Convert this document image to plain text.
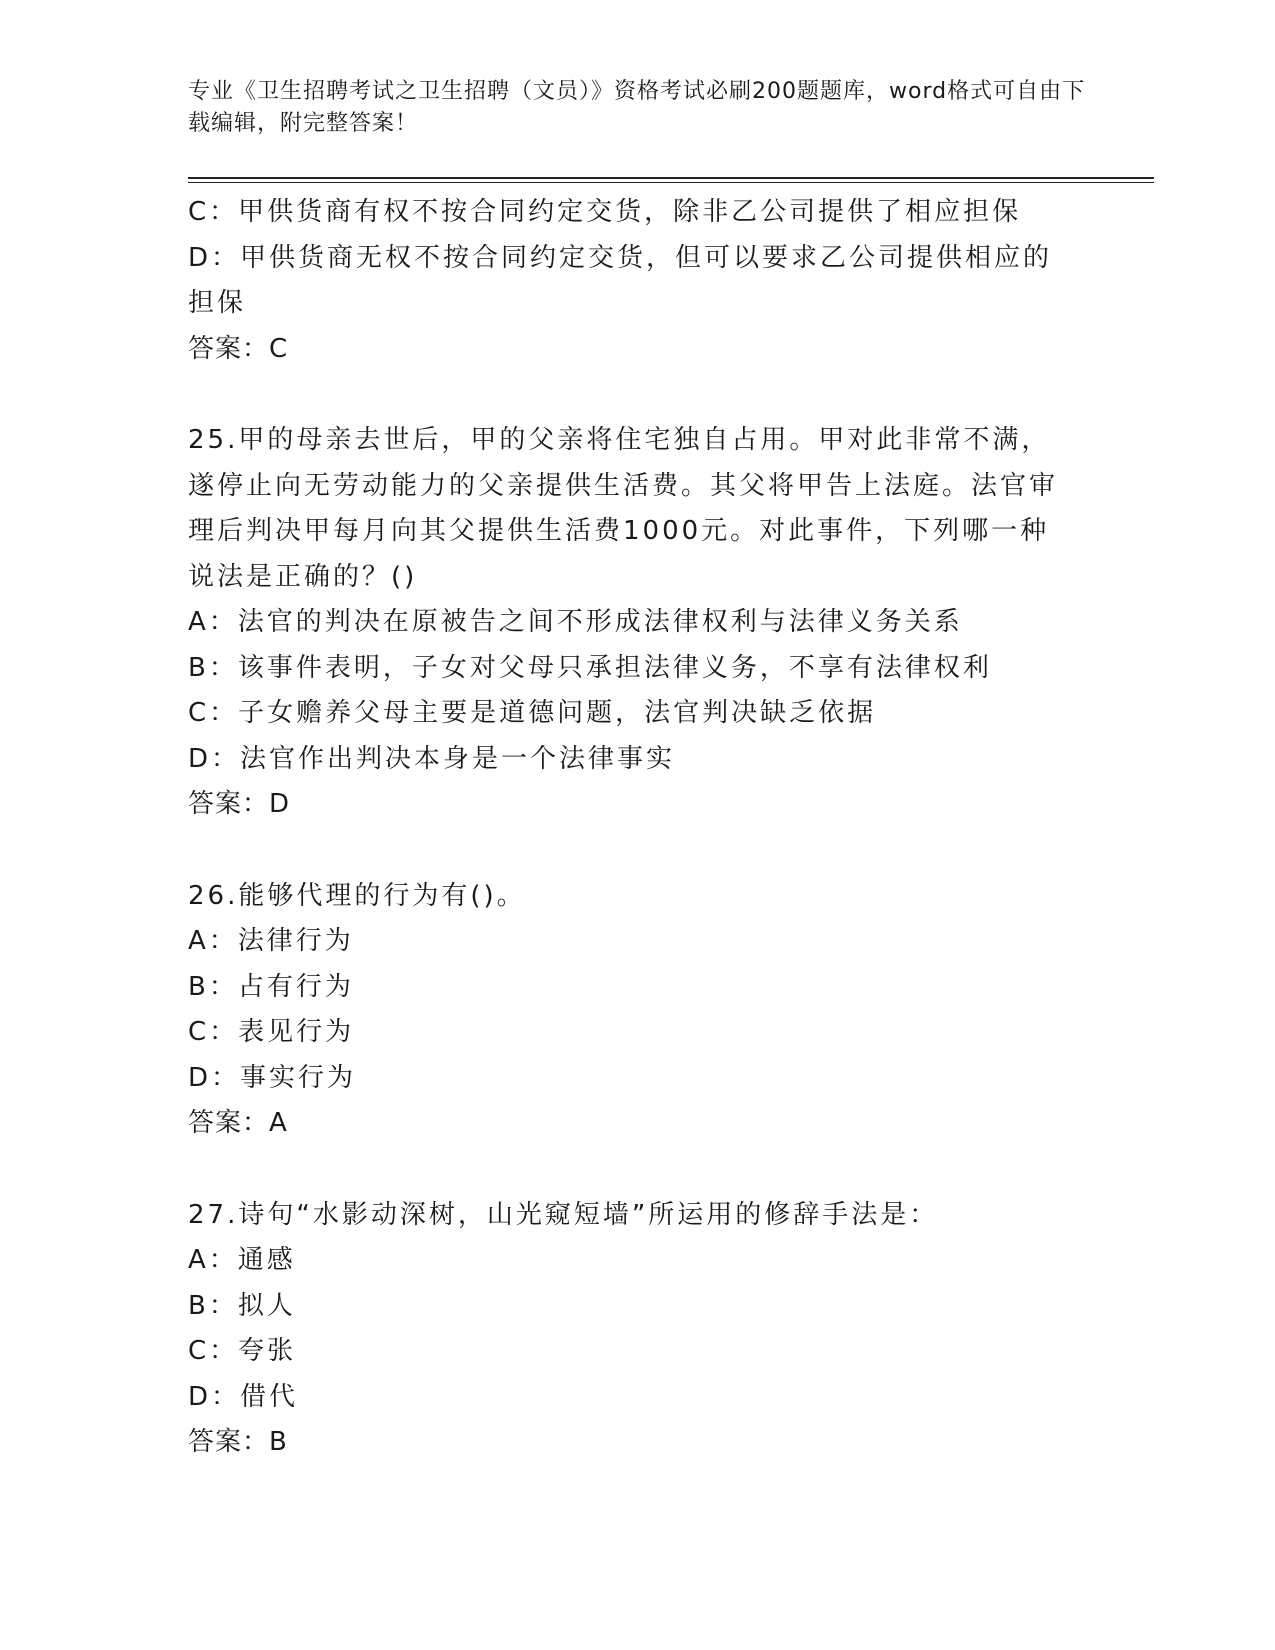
专业《卫生招聘考试之卫生招聘（文员）》资格考试必刷200题题库，word格式可自由下载编辑，附完整答案！

C：甲供货商有权不按合同约定交货，除非乙公司提供了相应担保

D：甲供货商无权不按合同约定交货，但可以要求乙公司提供相应的担保

答案：C

25.甲的母亲去世后，甲的父亲将住宅独自占用。甲对此非常不满，遂停止向无劳动能力的父亲提供生活费。其父将甲告上法庭。法官审理后判决甲每月向其父提供生活费1000元。对此事件，下列哪一种说法是正确的？()

A：法官的判决在原被告之间不形成法律权利与法律义务关系

B：该事件表明，子女对父母只承担法律义务，不享有法律权利

C：子女赡养父母主要是道德问题，法官判决缺乏依据

D：法官作出判决本身是一个法律事实

答案：D

26.能够代理的行为有()。

A：法律行为

B：占有行为

C：表见行为

D：事实行为

答案：A

27.诗句“水影动深树，山光窥短墙”所运用的修辞手法是：

A：通感

B：拟人

C：夸张

D：借代

答案：B
